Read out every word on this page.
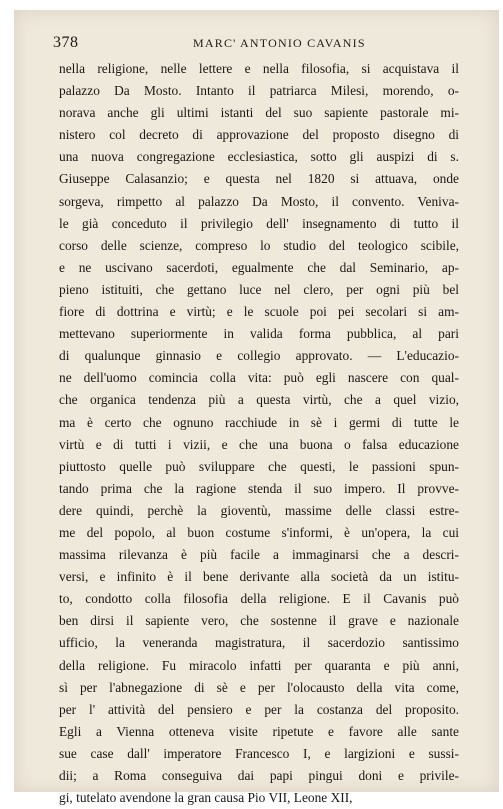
378	MARC' ANTONIO CAVANIS
nella religione, nelle lettere e nella filosofia, si acquistava il
palazzo Da Mosto. Intanto il patriarca Milesi, morendo, o-
norava anche gli ultimi istanti del suo sapiente pastorale mi-
nistero col decreto di approvazione del proposto disegno di
una nuova congregazione ecclesiastica, sotto gli auspizi di s.
Giuseppe Calasanzio; e questa nel 1820 si attuava, onde
sorgeva, rimpetto al palazzo Da Mosto, il convento. Veniva-
le già conceduto il privilegio dell' insegnamento di tutto il
corso delle scienze, compreso lo studio del teologico scibile,
e ne uscivano sacerdoti, egualmente che dal Seminario, ap-
pieno istituiti, che gettano luce nel clero, per ogni più bel
fiore di dottrina e virtù; e le scuole poi pei secolari si am-
mettevano superiormente in valida forma pubblica, al pari
di qualunque ginnasio e collegio approvato. — L'educazio-
ne dell'uomo comincia colla vita: può egli nascere con qual-
che organica tendenza più a questa virtù, che a quel vizio,
ma è certo che ognuno racchiude in sè i germi di tutte le
virtù e di tutti i vizii, e che una buona o falsa educazione
piuttosto quelle può sviluppare che questi, le passioni spun-
tando prima che la ragione stenda il suo impero. Il provve-
dere quindi, perchè la gioventù, massime delle classi estre-
me del popolo, al buon costume s'informi, è un'opera, la cui
massima rilevanza è più facile a immaginarsi che a descri-
versi, e infinito è il bene derivante alla società da un istitu-
to, condotto colla filosofia della religione. E il Cavanis può
ben dirsi il sapiente vero, che sostenne il grave e nazionale
ufficio, la veneranda magistratura, il sacerdozio santissimo
della religione. Fu miracolo infatti per quaranta e più anni,
sì per l'abnegazione di sè e per l'olocausto della vita come,
per l' attività del pensiero e per la costanza del proposito.
Egli a Vienna otteneva visite ripetute e favore alle sante
sue case dall' imperatore Francesco I, e largizioni e sussi-
dii; a Roma conseguiva dai papi pingui doni e privile-
gi, tutelato avendone la gran causa Pio VII, Leone XII,
